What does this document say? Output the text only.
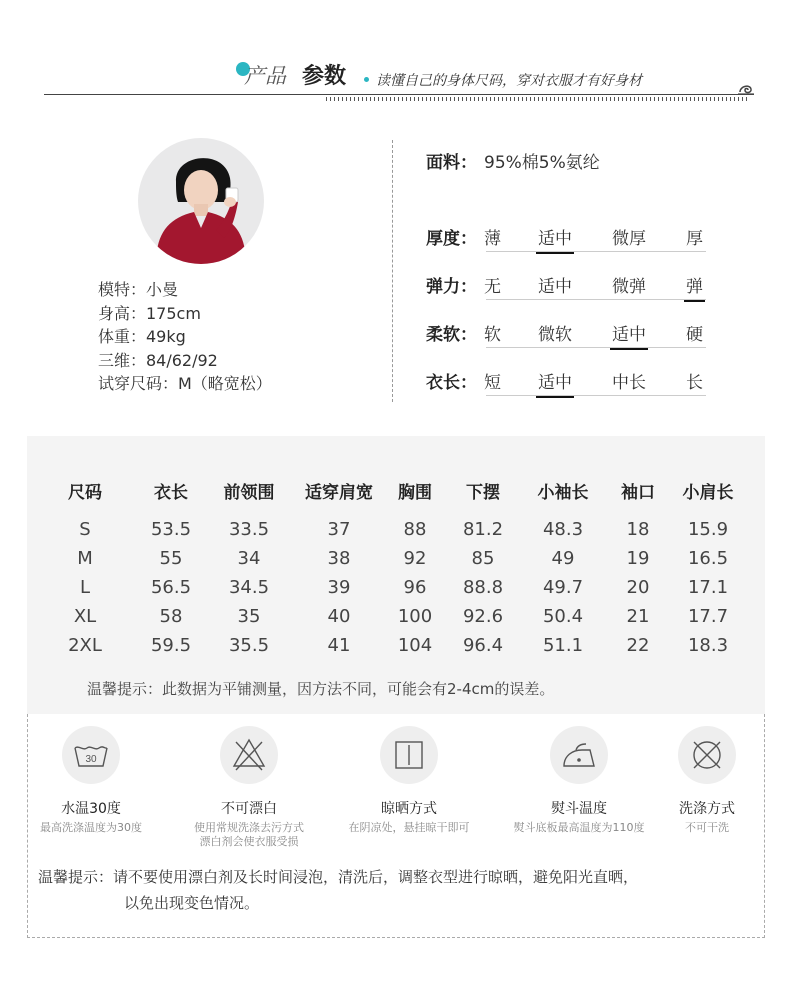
产品 参数 读懂自己的身体尺码，穿对衣服才有好身材
模特：小曼
身高：175cm
体重：49kg
三维：84/62/92
试穿尺码：M（略宽松）
面料： 95%棉5%氨纶
厚度： 薄 适中 微厚 厚
弹力： 无 适中 微弹 弹
柔软： 软 微软 适中 硬
衣长： 短 适中 中长 长
尺码	衣长	前领围	适穿肩宽	胸围	下摆	小袖长	袖口	小肩长
S	53.5	33.5	37	88	81.2	48.3	18	15.9
M	55	34	38	92	85	49	19	16.5
L	56.5	34.5	39	96	88.8	49.7	20	17.1
XL	58	35	40	100	92.6	50.4	21	17.7
2XL	59.5	35.5	41	104	96.4	51.1	22	18.3
温馨提示：此数据为平铺测量，因方法不同，可能会有2-4cm的误差。
30
水温30度
最高洗涤温度为30度
不可漂白
使用常规洗涤去污方式
漂白剂会使衣服受损
晾晒方式
在阴凉处，悬挂晾干即可
熨斗温度
熨斗底板最高温度为110度
洗涤方式
不可干洗
温馨提示：请不要使用漂白剂及长时间浸泡，清洗后，调整衣型进行晾晒，避免阳光直晒，
以免出现变色情况。
